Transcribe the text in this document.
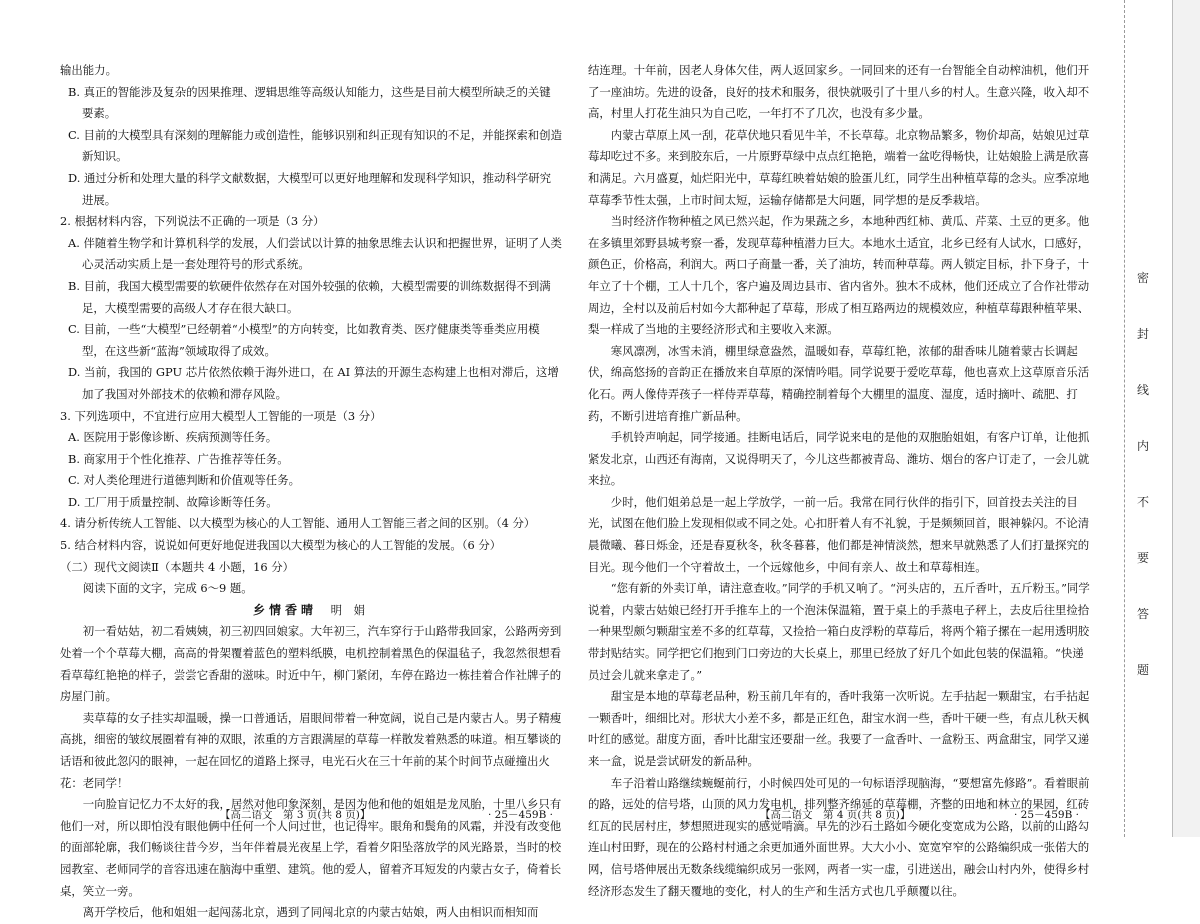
输出能力。

B. 真正的智能涉及复杂的因果推理、逻辑思维等高级认知能力，这些是目前大模型所缺乏的关键要素。

C. 目前的大模型具有深刻的理解能力或创造性，能够识别和纠正现有知识的不足，并能探索和创造新知识。

D. 通过分析和处理大量的科学文献数据，大模型可以更好地理解和发现科学知识，推动科学研究进展。

2. 根据材料内容，下列说法不正确的一项是（3 分）

A. 伴随着生物学和计算机科学的发展，人们尝试以计算的抽象思维去认识和把握世界，证明了人类心灵活动实质上是一套处理符号的形式系统。

B. 目前，我国大模型需要的软硬件依然存在对国外较强的依赖，大模型需要的训练数据得不到满足，大模型需要的高级人才存在很大缺口。

C. 目前，一些“大模型”已经朝着“小模型”的方向转变，比如教育类、医疗健康类等垂类应用模型，在这些新“蓝海”领域取得了成效。

D. 当前，我国的 GPU 芯片依然依赖于海外进口，在 AI 算法的开源生态构建上也相对滞后，这增加了我国对外部技术的依赖和滞存风险。

3. 下列选项中，不宜进行应用大模型人工智能的一项是（3 分）

A. 医院用于影像诊断、疾病预测等任务。

B. 商家用于个性化推荐、广告推荐等任务。

C. 对人类伦理进行道德判断和价值观等任务。

D. 工厂用于质量控制、故障诊断等任务。

4. 请分析传统人工智能、以大模型为核心的人工智能、通用人工智能三者之间的区别。（4 分）

5. 结合材料内容，说说如何更好地促进我国以大模型为核心的人工智能的发展。（6 分）

（二）现代文阅读Ⅱ（本题共 4 小题，16 分）

阅读下面的文字，完成 6～9 题。

乡情香晴 明 娟

初一看姑姑，初二看姨姨，初三初四回娘家。大年初三，汽车穿行于山路带我回家，公路两旁到处着一个个草莓大棚，高高的骨架覆着蓝色的塑料纸膜，电机控制着黑色的保温毡子，我忽然很想看看草莓红艳艳的样子，尝尝它香甜的滋味。时近中午，柳门紧闭，车停在路边一栋挂着合作社牌子的房屋门前。

卖草莓的女子挂实却温暖，操一口普通话，眉眼间带着一种宽阔，说自己是内蒙古人。男子精瘦高挑，细密的皱纹展圈着有神的双眼，浓重的方言跟满屋的草莓一样散发着熟悉的味道。相互攀谈的话语和彼此忽闪的眼神，一起在回忆的道路上探寻，电光石火在三十年前的某个时间节点碰撞出火花：老同学！

一向脸盲记忆力不太好的我，居然对他印象深刻，是因为他和他的姐姐是龙凤胎，十里八乡只有他们一对，所以即怕没有眼他俩中任何一个人问过世，也记得牢。眼角和鬓角的风霜，并没有改变他的面部轮廓，我们畅谈往昔今岁，当年伴着晨光夜星上学，看着夕阳坠落放学的风光路景，当时的校园教室、老师同学的音容迅速在脑海中重塑、建筑。他的爱人，留着齐耳短发的内蒙古女子，倚着长桌，笑立一旁。

离开学校后，他和姐姐一起闯荡北京，遇到了同闯北京的内蒙古姑娘，两人由相识而相知而

结连理。十年前，因老人身体欠佳，两人返回家乡。一同回来的还有一台智能全自动榨油机，他们开了一座油坊。先进的设备，良好的技术和服务，很快就吸引了十里八乡的村人。生意兴隆，收入却不高，村里人打花生油只为自己吃，一年打不了几次，也没有多少量。

内蒙古草原上风一刮，花草伏地只看见牛羊，不长草莓。北京物品繁多，物价却高，姑娘见过草莓却吃过不多。来到胶东后，一片原野草绿中点点红艳艳，端着一盆吃得畅快，让姑娘脸上满是欣喜和满足。六月盛夏，灿烂阳光中，草莓红映着姑娘的脸蛋儿红，同学生出种植草莓的念头。应季凉地草莓季节性太强，上市时间太短，运输存储都是大问题，同学想的是反季栽培。

当时经济作物种植之风已然兴起，作为果蔬之乡，本地种西红柿、黄瓜、芹菜、土豆的更多。他在多镇里郊野县城考察一番，发现草莓种植潜力巨大。本地水土适宜，北乡已经有人试水，口感好，颜色正，价格高，利润大。两口子商量一番，关了油坊，转而种草莓。两人锁定目标，扑下身子，十年立了十个棚，工人十几个，客户遍及周边县市、省内省外。独木不成林，他们还成立了合作社带动周边，全村以及前后村如今大都种起了草莓，形成了相互路两边的规模效应，种植草莓跟种植苹果、梨一样成了当地的主要经济形式和主要收入来源。

寒风凛冽，冰雪未消，棚里绿意盎然，温暖如春，草莓红艳，浓郁的甜香味儿随着蒙古长调起伏，绵高悠扬的音韵正在播放来自草原的深情吟唱。同学说要于爱吃草莓，他也喜欢上这草原音乐活化石。两人像侍弄孩子一样侍弄草莓，精确控制着每个大棚里的温度、湿度，适时摘叶、疏肥、打药，不断引进培育推广新品种。

手机铃声响起，同学接通。挂断电话后，同学说来电的是他的双胞胎姐姐，有客户订单，让他抓紧发北京，山西还有海南，又说得明天了，今儿这些都被青岛、潍坊、烟台的客户订走了，一会儿就来拉。

少时，他们姐弟总是一起上学放学，一前一后。我常在同行伙伴的指引下，回首投去关注的目光，试图在他们脸上发现相似或不同之处。心扣肝着人有不礼貌，于是频频回首，眼神躲闪。不论清晨微曦、暮日烁金，还是春夏秋冬，秋冬暮暮，他们都是神情淡然，想来早就熟悉了人们打量探究的目光。现今他们一个守着故土，一个远嫁他乡，中间有亲人、故土和草莓相连。

“您有新的外卖订单，请注意查收。”同学的手机又响了。“河头店的，五斤香叶，五斤粉玉。”同学说着，内蒙古姑娘已经打开手推车上的一个泡沫保温箱，置于桌上的手蒸电子秤上，去皮后往里捡拾一种果型颇匀颗甜宝差不多的红草莓，又捡拾一箱白皮浮粉的草莓后，将两个箱子摞在一起用透明胶带封贴结实。同学把它们抱到门口旁边的大长桌上，那里已经放了好几个如此包装的保温箱。“快递员过会儿就来拿走了。”

甜宝是本地的草莓老品种，粉玉前几年有的，香叶我第一次听说。左手拈起一颗甜宝，右手拈起一颗香叶，细细比对。形状大小差不多，都是正红色，甜宝水润一些，香叶干硬一些，有点儿秋天枫叶红的感觉。甜度方面，香叶比甜宝还要甜一丝。我要了一盒香叶、一盒粉玉、两盒甜宝，同学又递来一盒，说是尝试研发的新品种。

车子沿着山路继续蜿蜒前行，小时候四处可见的一句标语浮现脑海，“要想富先修路”。看着眼前的路，远处的信号塔，山顶的风力发电机，排列整齐绵延的草莓棚，齐整的田地和林立的果园，红砖红瓦的民居村庄，梦想照进现实的感觉啃滴。早先的沙石土路如今硬化变宽成为公路，以前的山路勾连山村田野，现在的公路村村通之余更加通外面世界。大大小小、宽宽窄窄的公路编织成一张偌大的网，信号塔伸展出无数条线缆编织成另一张网，两者一实一虚，引进送出，融会山村内外，使得乡村经济形态发生了翻天覆地的变化，村人的生产和生活方式也几乎颠覆以往。

【高二语文　第 3 页(共 8 页)】	· 25－459B ·	【高二语文　第 4 页(共 8 页)】	· 25－459B ·
密
封
线
内
不
要
答
题
